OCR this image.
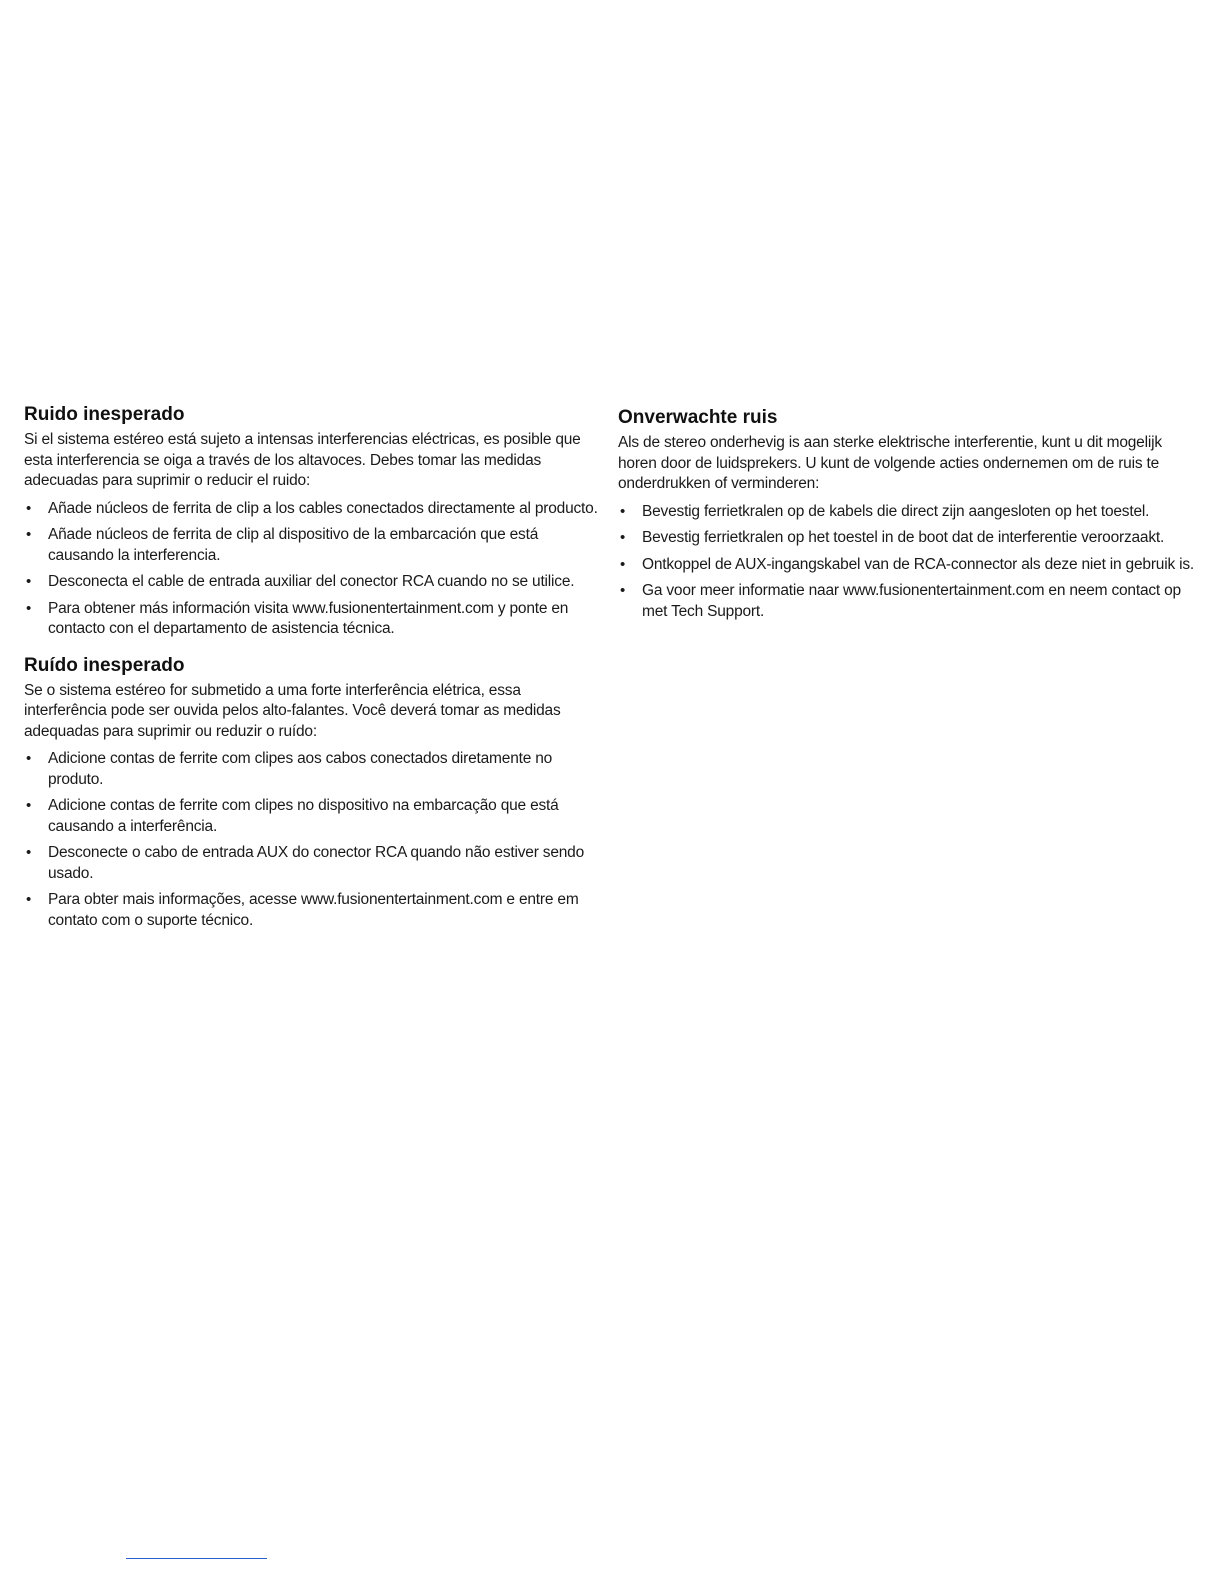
Ruido inesperado
Si el sistema estéreo está sujeto a intensas interferencias eléctricas, es posible que esta interferencia se oiga a través de los altavoces. Debes tomar las medidas adecuadas para suprimir o reducir el ruido:
•	Añade núcleos de ferrita de clip a los cables conectados directamente al producto.
•	Añade núcleos de ferrita de clip al dispositivo de la embarcación que está causando la interferencia.
•	Desconecta el cable de entrada auxiliar del conector RCA cuando no se utilice.
•	Para obtener más información visita www.fusionentertainment.com y ponte en contacto con el departamento de asistencia técnica.
Ruído inesperado
Se o sistema estéreo for submetido a uma forte interferência elétrica, essa interferência pode ser ouvida pelos alto-falantes. Você deverá tomar as medidas adequadas para suprimir ou reduzir o ruído:
•	Adicione contas de ferrite com clipes aos cabos conectados diretamente no produto.
•	Adicione contas de ferrite com clipes no dispositivo na embarcação que está causando a interferência.
•	Desconecte o cabo de entrada AUX do conector RCA quando não estiver sendo usado.
•	Para obter mais informações, acesse www.fusionentertainment.com e entre em contato com o suporte técnico.
Onverwachte ruis
Als de stereo onderhevig is aan sterke elektrische interferentie, kunt u dit mogelijk horen door de luidsprekers. U kunt de volgende acties ondernemen om de ruis te onderdrukken of verminderen:
•	Bevestig ferrietkralen op de kabels die direct zijn aangesloten op het toestel.
•	Bevestig ferrietkralen op het toestel in de boot dat de interferentie veroorzaakt.
•	Ontkoppel de AUX-ingangskabel van de RCA-connector als deze niet in gebruik is.
•	Ga voor meer informatie naar www.fusionentertainment.com en neem contact op met Tech Support.
